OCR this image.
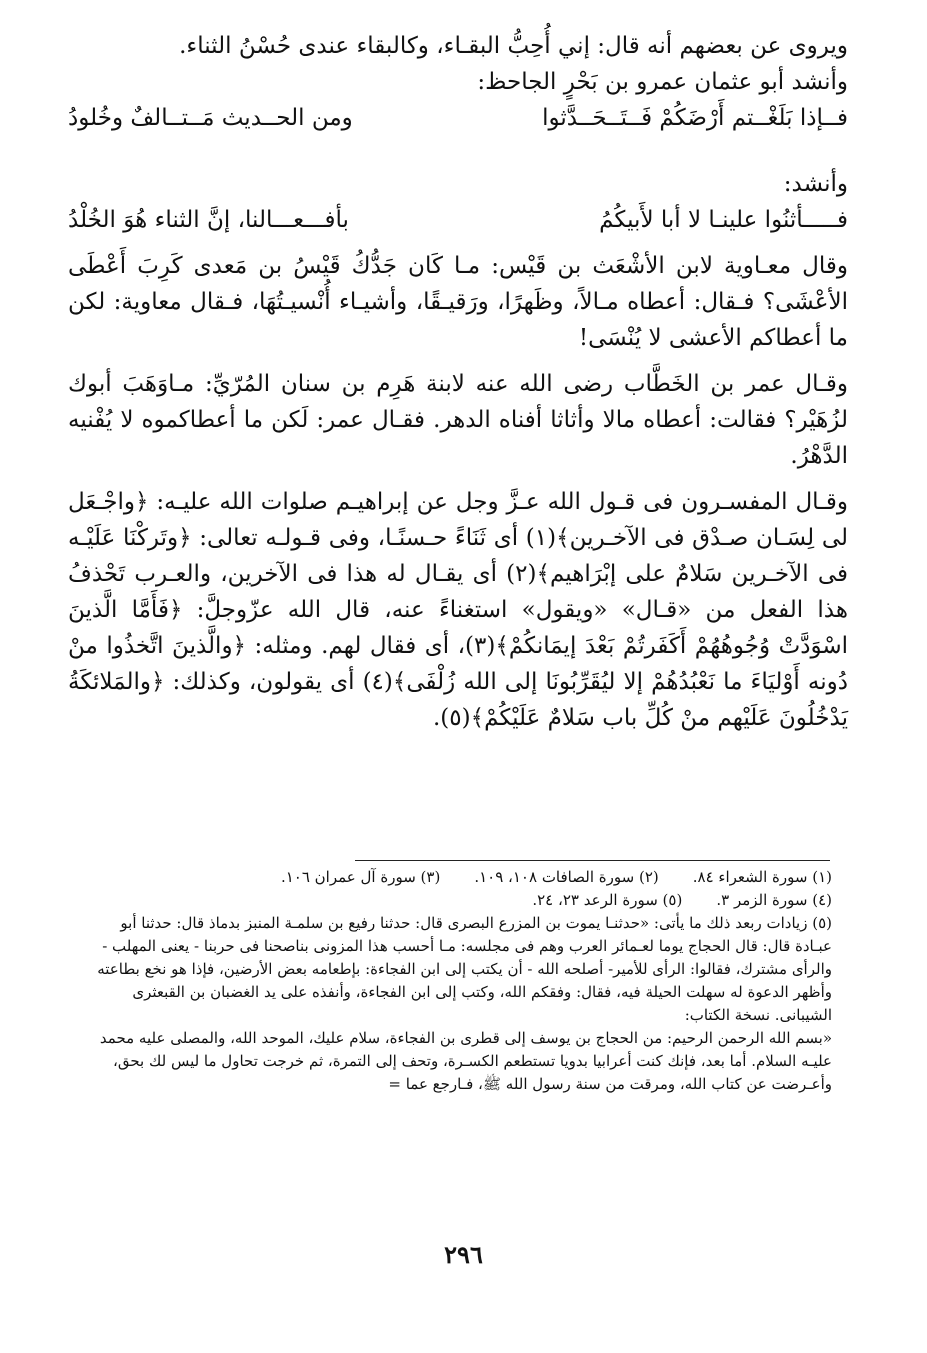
ويروى عن بعضهم أنه قال: إني أُحِبُّ البقـاء، وكالبقاء عندى حُسْنُ الثناء.

وأنشد أبو عثمان عمرو بن بَحْرٍ الجاحظ:

فــإذا بَلَغْــتم أَرْضَكُمْ فَــتَــحَــدَّثوا
ومن الحــديث مَــتــالفٌ وخُلودُ

وأنشد:

فـــــأثنُوا علينـا لا أبا لأَبيكُمُ
بأفـــعـــالنا، إنَّ الثناء هُوَ الخُلْدُ

وقال معـاوية لابن الأشْعَث بن قَيْس: مـا كَان جَدُّكُ قَيْسُ بن مَعدى كَرِبَ أَعْطَى الأعْشَى؟ فـقال: أعطاه مـالاً، وظَهرًا، ورَقيـقًا، وأشيـاء أُنْسيـتُهَا، فـقال معاوية: لكن ما أعطاكم الأعشى لا يُنْسَى!

وقـال عمر بن الخَطَّاب رضى الله عنه لابنة هَرِم بن سنان المُرّيِّ: مـاوَهَبَ أبوك لزُهَيْر؟ فقالت: أعطاه مالا وأثاثا أفناه الدهر. فقـال عمر: لَكن ما أعطاكموه لا يُفْنيه الدَّهْرُ.

وقـال المفسـرون فى قـول الله عـزَّ وجل عن إبراهيـم صلوات الله عليـه: ﴿واجْـعَل لى لِسَـان صـدْق فى الآخـرين﴾(١) أى ثَنَاءً حـسنًـا، وفى قـولـه تعالى: ﴿وتَركْنَا عَلَيْـه فى الآخـرين سَلامٌ على إبْرَاهيم﴾(٢) أى يقـال له هذا فى الآخرين، والعـرب تَحْذفُ هذا الفعل من «قـال» «ويقول» استغناءً عنه، قال الله عزّوجلَّ: ﴿فَأَمَّا الَّذينَ اسْوَدَّتْ وُجُوهُهُمْ أَكَفَرتُمْ بَعْدَ إيمَانكُمْ﴾(٣)، أى فقال لهم. ومثله: ﴿والَّذينَ اتَّخذُوا منْ دُونه أَوْليَاءَ ما نَعْبُدُهُمْ إلا ليُقَرِّبُونَا إلى الله زُلْفَى﴾(٤) أى يقولون، وكذلك: ﴿والمَلائكَةُ يَدْخُلُونَ عَلَيْهم منْ كُلِّ باب سَلامٌ عَلَيْكُمْ﴾(٥).

(١) سورة الشعراء ٨٤.
(٢) سورة الصافات ١٠٨، ١٠٩.
(٣) سورة آل عمران ١٠٦.
(٤) سورة الزمر ٣.
(٥) سورة الرعد ٢٣، ٢٤.

(٥) زيادات ربعد ذلك ما يأتى: «حدثنـا يموت بن المزرع البصرى قال: حدثنا رفيع بن سلمـة المنبز بدماذ قال: حدثنا أبو عبـادة قال: قال الحجاج يوما لعـمائر العرب وهم فى مجلسه: مـا أحسب هذا المزونى بناصحنا فى حربنا - يعنى المهلب - والرأى مشترك، فقالوا: الرأى للأمير- أصلحه الله - أن يكتب إلى ابن الفجاءة: بإطعامه بعض الأرضين، فإذا هو نخع بطاعته وأظهر الدعوة له سهلت الحيلة فيه، فقال: وفقكم الله، وكتب إلى ابن الفجاءة، وأنفذه على يد الغضبان بن القبعثرى الشيبانى. نسخة الكتاب:

«بسم الله الرحمن الرحيم: من الحجاج بن يوسف إلى قطرى بن الفجاءة، سلام عليك، الموحد الله، والمصلى عليه محمد عليـه السلام. أما بعد، فإنك كنت أعرابيا بدويا تستطعم الكسـرة، وتحف إلى التمرة، ثم خرجت تحاول ما ليس لك بحق، وأعـرضت عن كتاب الله، ومرقت من سنة رسول الله ﷺ، فـارجع عما =

٢٩٦
